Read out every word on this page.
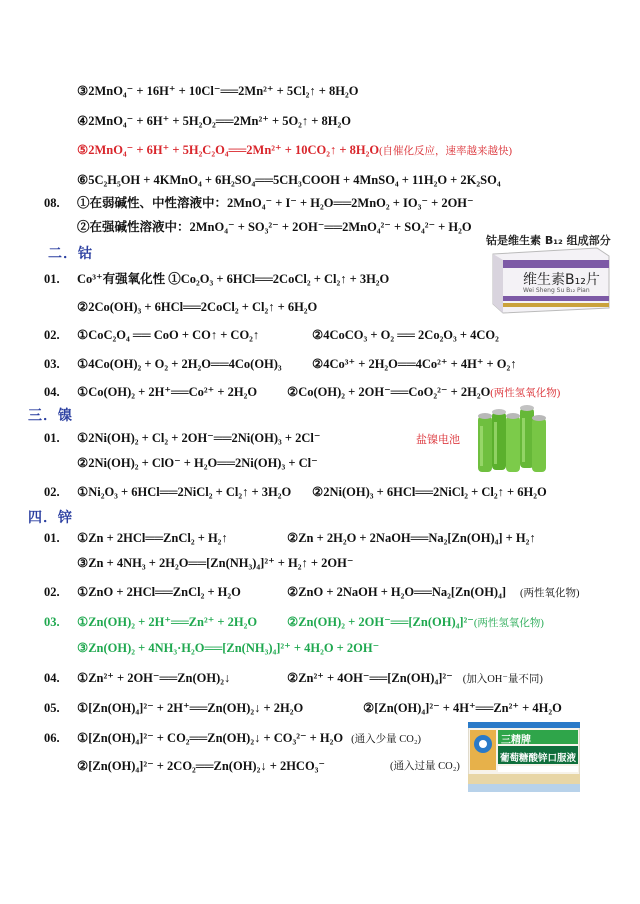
③2MnO₄⁻ + 16H⁺ + 10Cl⁻══2Mn²⁺ + 5Cl₂↑ + 8H₂O
④2MnO₄⁻ + 6H⁺ + 5H₂O₂══2Mn²⁺ + 5O₂↑ + 8H₂O
⑤2MnO₄⁻ + 6H⁺ + 5H₂C₂O₄══2Mn²⁺ + 10CO₂↑ + 8H₂O(自催化反应，速率越来越快)
⑥5C₂H₅OH + 4KMnO₄ + 6H₂SO₄══5CH₃COOH + 4MnSO₄ + 11H₂O + 2K₂SO₄
08. ①在弱碱性、中性溶液中：2MnO₄⁻ + I⁻ + H₂O══2MnO₂ + IO₃⁻ + 2OH⁻
②在强碱性溶液中：2MnO₄⁻ + SO₃²⁻ + 2OH⁻══2MnO₄²⁻ + SO₄²⁻ + H₂O
二．钴
钴是维生素 B₁₂ 组成部分
维生素B₁₂片
Wei Sheng Su B₁₂ Pian
01. Co³⁺有强氧化性 ①Co₂O₃ + 6HCl══2CoCl₂ + Cl₂↑ + 3H₂O
②2Co(OH)₃ + 6HCl══2CoCl₂ + Cl₂↑ + 6H₂O
02. ①CoC₂O₄ ══ CoO + CO↑ + CO₂↑	②4CoCO₃ + O₂ ══ 2Co₂O₃ + 4CO₂
03. ①4Co(OH)₂ + O₂ + 2H₂O══4Co(OH)₃ ②4Co³⁺ + 2H₂O══4Co²⁺ + 4H⁺ + O₂↑
04. ①Co(OH)₂ + 2H⁺══Co²⁺ + 2H₂O ②Co(OH)₂ + 2OH⁻══CoO₂²⁻ + 2H₂O(两性氢氧化物)
三．镍
盐镍电池
01. ①2Ni(OH)₂ + Cl₂ + 2OH⁻══2Ni(OH)₃ + 2Cl⁻
②2Ni(OH)₂ + ClO⁻ + H₂O══2Ni(OH)₃ + Cl⁻
02. ①Ni₂O₃ + 6HCl══2NiCl₂ + Cl₂↑ + 3H₂O ②2Ni(OH)₃ + 6HCl══2NiCl₂ + Cl₂↑ + 6H₂O
四．锌
01. ①Zn + 2HCl══ZnCl₂ + H₂↑	②Zn + 2H₂O + 2NaOH══Na₂[Zn(OH)₄] + H₂↑
③Zn + 4NH₃ + 2H₂O══[Zn(NH₃)₄]²⁺ + H₂↑ + 2OH⁻
02. ①ZnO + 2HCl══ZnCl₂ + H₂O	②ZnO + 2NaOH + H₂O══Na₂[Zn(OH)₄] (两性氧化物)
03. ①Zn(OH)₂ + 2H⁺══Zn²⁺ + 2H₂O ②Zn(OH)₂ + 2OH⁻══[Zn(OH)₄]²⁻(两性氢氧化物)
③Zn(OH)₂ + 4NH₃·H₂O══[Zn(NH₃)₄]²⁺ + 4H₂O + 2OH⁻
04. ①Zn²⁺ + 2OH⁻══Zn(OH)₂↓	②Zn²⁺ + 4OH⁻══[Zn(OH)₄]²⁻ (加入OH⁻量不同)
05. ①[Zn(OH)₄]²⁻ + 2H⁺══Zn(OH)₂↓ + 2H₂O	②[Zn(OH)₄]²⁻ + 4H⁺══Zn²⁺ + 4H₂O
06. ①[Zn(OH)₄]²⁻ + CO₂══Zn(OH)₂↓ + CO₃²⁻ + H₂O (通入少量 CO₂)
②[Zn(OH)₄]²⁻ + 2CO₂══Zn(OH)₂↓ + 2HCO₃⁻	(通入过量 CO₂)
三精牌
葡萄糖酸锌口服液
